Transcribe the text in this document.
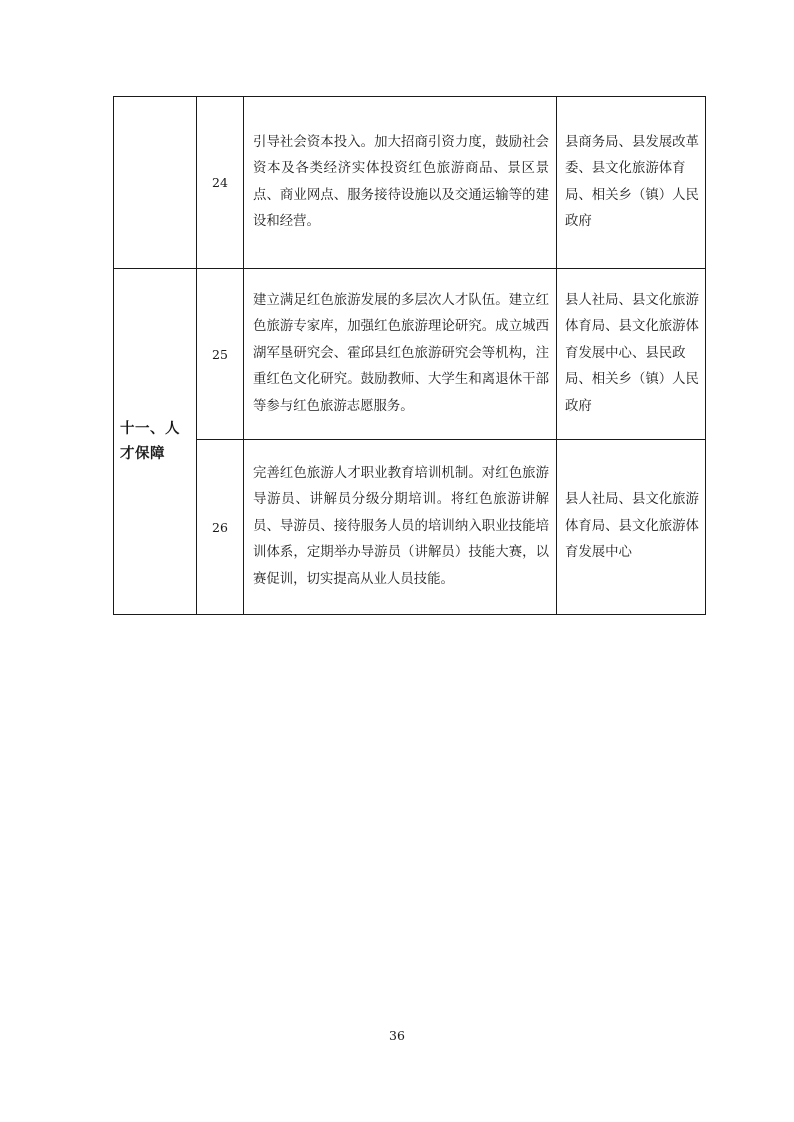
	24	引导社会资本投入。加大招商引资力度，鼓励社会资本及各类经济实体投资红色旅游商品、景区景点、商业网点、服务接待设施以及交通运输等的建设和经营。	县商务局、县发展改革委、县文化旅游体育局、相关乡（镇）人民政府
十一、人才保障	25	建立满足红色旅游发展的多层次人才队伍。建立红色旅游专家库，加强红色旅游理论研究。成立城西湖军垦研究会、霍邱县红色旅游研究会等机构，注重红色文化研究。鼓励教师、大学生和离退休干部等参与红色旅游志愿服务。	县人社局、县文化旅游体育局、县文化旅游体育发展中心、县民政局、相关乡（镇）人民政府
	26	完善红色旅游人才职业教育培训机制。对红色旅游导游员、讲解员分级分期培训。将红色旅游讲解员、导游员、接待服务人员的培训纳入职业技能培训体系，定期举办导游员（讲解员）技能大赛，以赛促训，切实提高从业人员技能。	县人社局、县文化旅游体育局、县文化旅游体育发展中心
36
